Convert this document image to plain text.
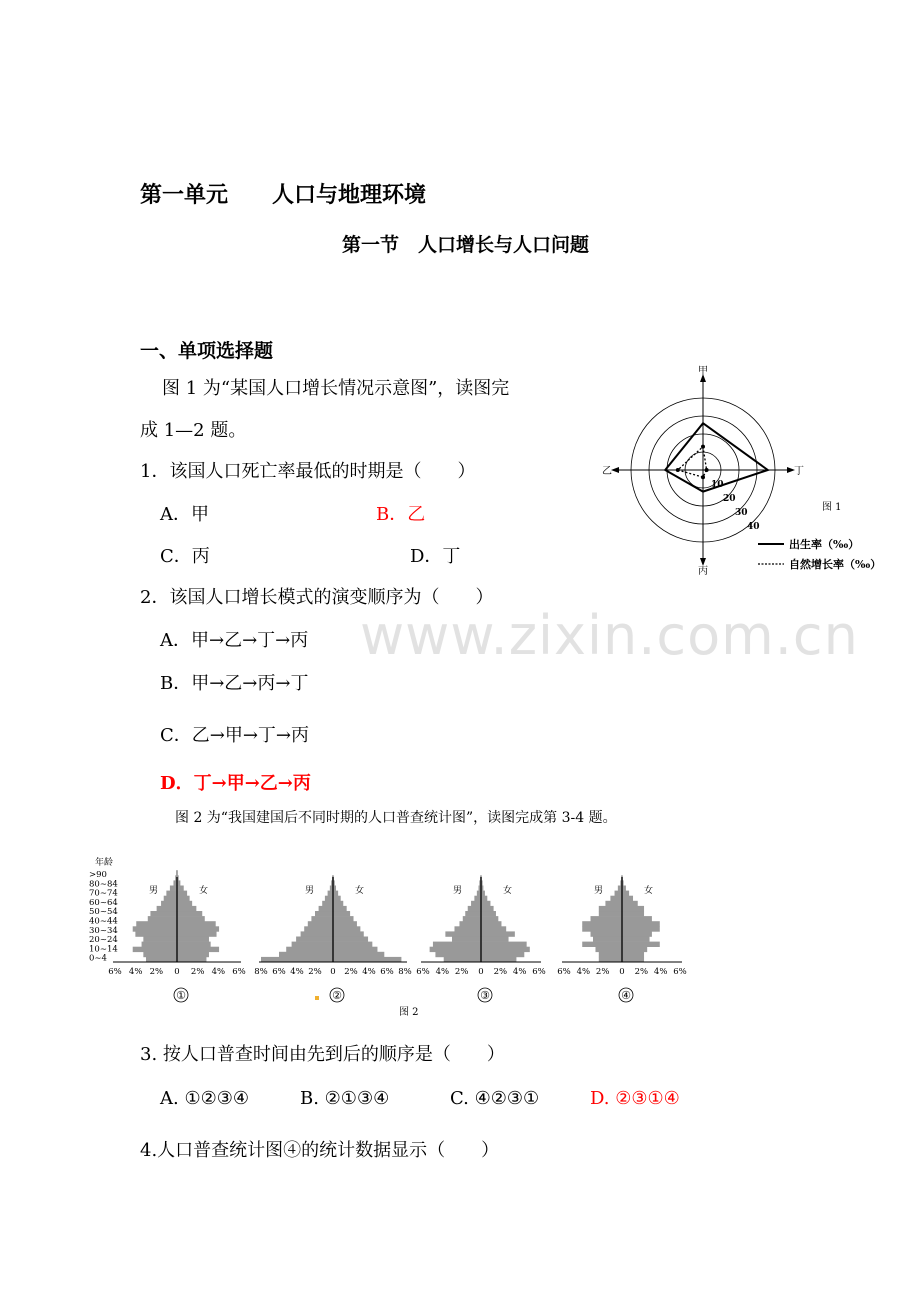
www.zixin.com.cn
第一单元　　人口与地理环境
第一节　人口增长与人口问题
一、单项选择题
图 1 为“某国人口增长情况示意图”，读图完
成 1—2 题。
1．该国人口死亡率最低的时期是（　　）
A．甲	B．乙
C．丙	D．丁
2．该国人口增长模式的演变顺序为（　　）
A．甲→乙→丁→丙
B．甲→乙→丙→丁
C．乙→甲→丁→丙
D．丁→甲→乙→丙
图 2 为“我国建国后不同时期的人口普查统计图”，读图完成第 3-4 题。
甲
乙
丙
丁
10
20
30
40
图 1
出生率（‰）
自然增长率（‰）
年龄
>90
80~84
70~74
60~64
50~54
40~44
30~34
20~24
10~14
0~4
6% 4% 2% 0 2% 4% 6%
男	女
①
8% 6% 4% 2% 0 2% 4% 6% 8%
男	女
②
6% 4% 2% 0 2% 4% 6%
男	女
③
6% 4% 2% 0 2% 4% 6%
男	女
④
图 2
3. 按人口普查时间由先到后的顺序是（　　）
A. ①②③④	B. ②①③④	C. ④②③①	D. ②③①④
4.人口普查统计图④的统计数据显示（　　）
